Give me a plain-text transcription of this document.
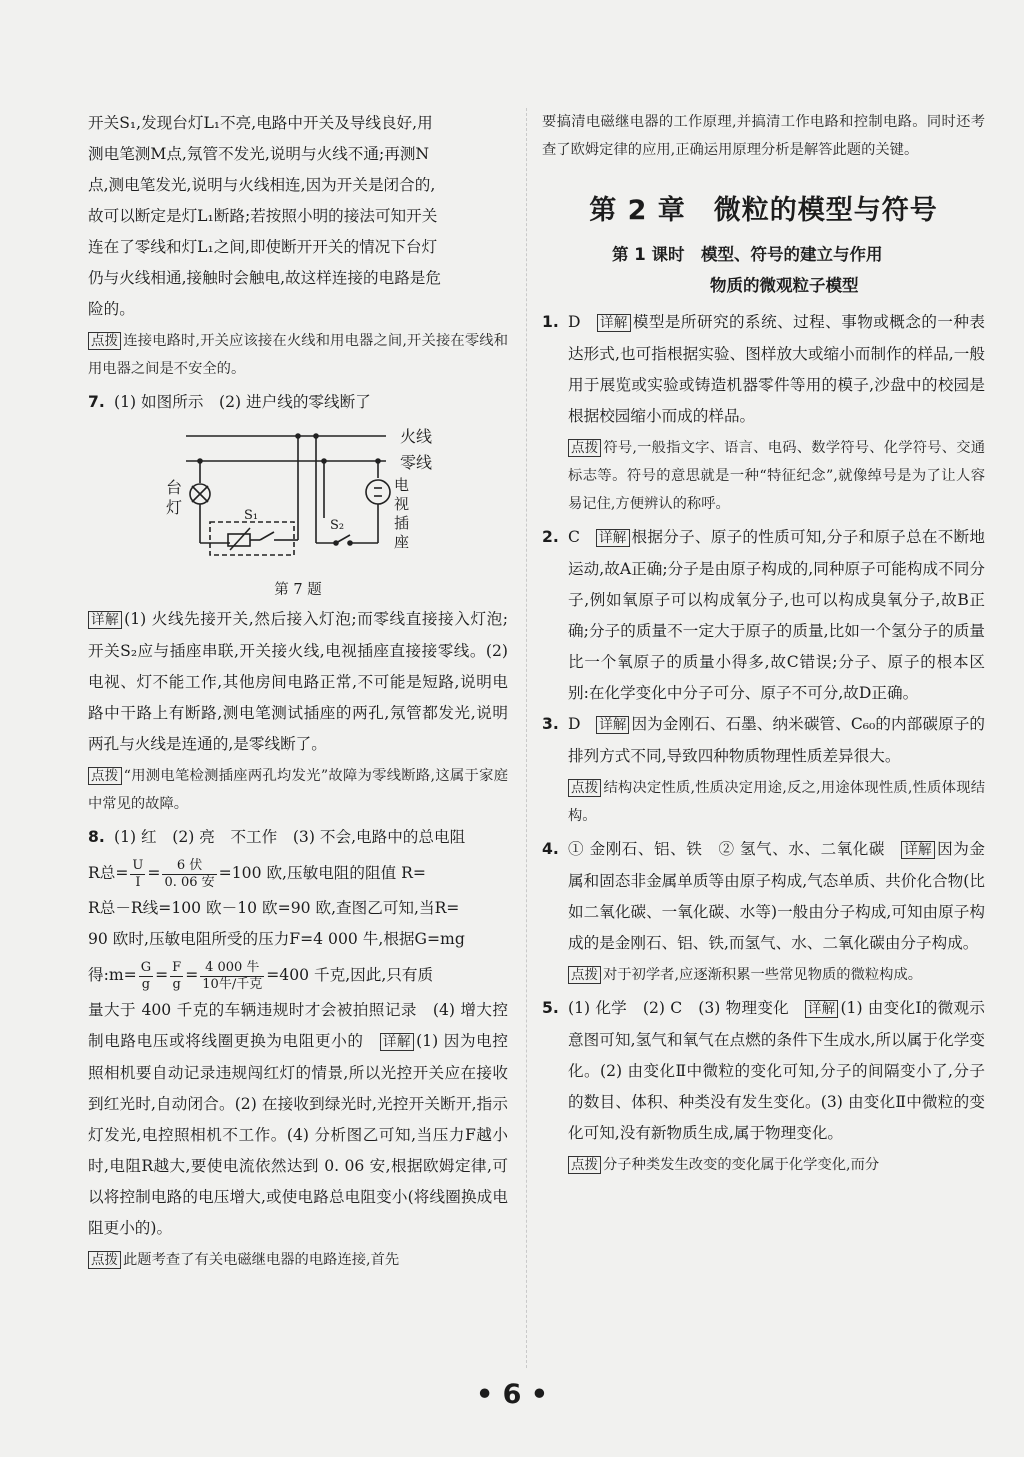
开关S₁,发现台灯L₁不亮,电路中开关及导线良好,用

测电笔测M点,氖管不发光,说明与火线不通;再测N

点,测电笔发光,说明与火线相连,因为开关是闭合的,

故可以断定是灯L₁断路;若按照小明的接法可知开关

连在了零线和灯L₁之间,即使断开开关的情况下台灯

仍与火线相通,接触时会触电,故这样连接的电路是危

险的。

点拨 连接电路时,开关应该接在火线和用电器之间,开关接在零线和用电器之间是不安全的。

7. (1) 如图所示　(2) 进户线的零线断了

火线
零线
台灯
电视插座
S₁
S₂
第 7 题

详解 (1) 火线先接开关,然后接入灯泡;而零线直接接入灯泡;开关S₂应与插座串联,开关接火线,电视插座直接接零线。(2) 电视、灯不能工作,其他房间电路正常,不可能是短路,说明电路中干路上有断路,测电笔测试插座的两孔,氖管都发光,说明两孔与火线是连通的,是零线断了。

点拨 “用测电笔检测插座两孔均发光”故障为零线断路,这属于家庭中常见的故障。

8. (1) 红　(2) 亮　不工作　(3) 不会,电路中的总电阻

R总= $\frac{U}{I} = \frac{\text{6 伏}}{\text{0. 06 安}} =100$ 欧,压敏电阻的阻值 R=

R总－R线=100 欧－10 欧=90 欧,查图乙可知,当R=

90 欧时,压敏电阻所受的压力F=4 000 牛,根据G=mg

得:m= $\frac{G}{g} = \frac{F}{g} = \frac{\text{4 000 牛}}{\text{10牛/千克}} =400$ 千克,因此,只有质

量大于 400 千克的车辆违规时才会被拍照记录　(4) 增大控制电路电压或将线圈更换为电阻更小的　 详解 (1) 因为电控照相机要自动记录违规闯红灯的情景,所以光控开关应在接收到红光时,自动闭合。(2) 在接收到绿光时,光控开关断开,指示灯发光,电控照相机不工作。(4) 分析图乙可知,当压力F越小时,电阻R越大,要使电流依然达到 0. 06 安,根据欧姆定律,可以将控制电路的电压增大,或使电路总电阻变小(将线圈换成电阻更小的)。

点拨 此题考查了有关电磁继电器的电路连接,首先

要搞清电磁继电器的工作原理,并搞清工作电路和控制电路。同时还考查了欧姆定律的应用,正确运用原理分析是解答此题的关键。

第 2 章　微粒的模型与符号
第 1 课时　模型、符号的建立与作用
物质的微观粒子模型

1. D　 详解 模型是所研究的系统、过程、事物或概念的一种表达形式,也可指根据实验、图样放大或缩小而制作的样品,一般用于展览或实验或铸造机器零件等用的模子,沙盘中的校园是根据校园缩小而成的样品。

点拨 符号,一般指文字、语言、电码、数学符号、化学符号、交通标志等。符号的意思就是一种“特征纪念”,就像绰号是为了让人容易记住,方便辨认的称呼。

2. C　 详解 根据分子、原子的性质可知,分子和原子总在不断地运动,故A正确;分子是由原子构成的,同种原子可能构成不同分子,例如氧原子可以构成氧分子,也可以构成臭氧分子,故B正确;分子的质量不一定大于原子的质量,比如一个氢分子的质量比一个氧原子的质量小得多,故C错误;分子、原子的根本区别:在化学变化中分子可分、原子不可分,故D正确。

3. D　 详解 因为金刚石、石墨、纳米碳管、C₆₀的内部碳原子的排列方式不同,导致四种物质物理性质差异很大。

点拨 结构决定性质,性质决定用途,反之,用途体现性质,性质体现结构。

4. ① 金刚石、铝、铁　② 氢气、水、二氧化碳　 详解 因为金属和固态非金属单质等由原子构成,气态单质、共价化合物(比如二氧化碳、一氧化碳、水等)一般由分子构成,可知由原子构成的是金刚石、铝、铁,而氢气、水、二氧化碳由分子构成。

点拨 对于初学者,应逐渐积累一些常见物质的微粒构成。

5. (1) 化学　(2) C　(3) 物理变化　 详解 (1) 由变化Ⅰ的微观示意图可知,氢气和氧气在点燃的条件下生成水,所以属于化学变化。(2) 由变化Ⅱ中微粒的变化可知,分子的间隔变小了,分子的数目、体积、种类没有发生变化。(3) 由变化Ⅱ中微粒的变化可知,没有新物质生成,属于物理变化。

点拨 分子种类发生改变的变化属于化学变化,而分

• 6 •
